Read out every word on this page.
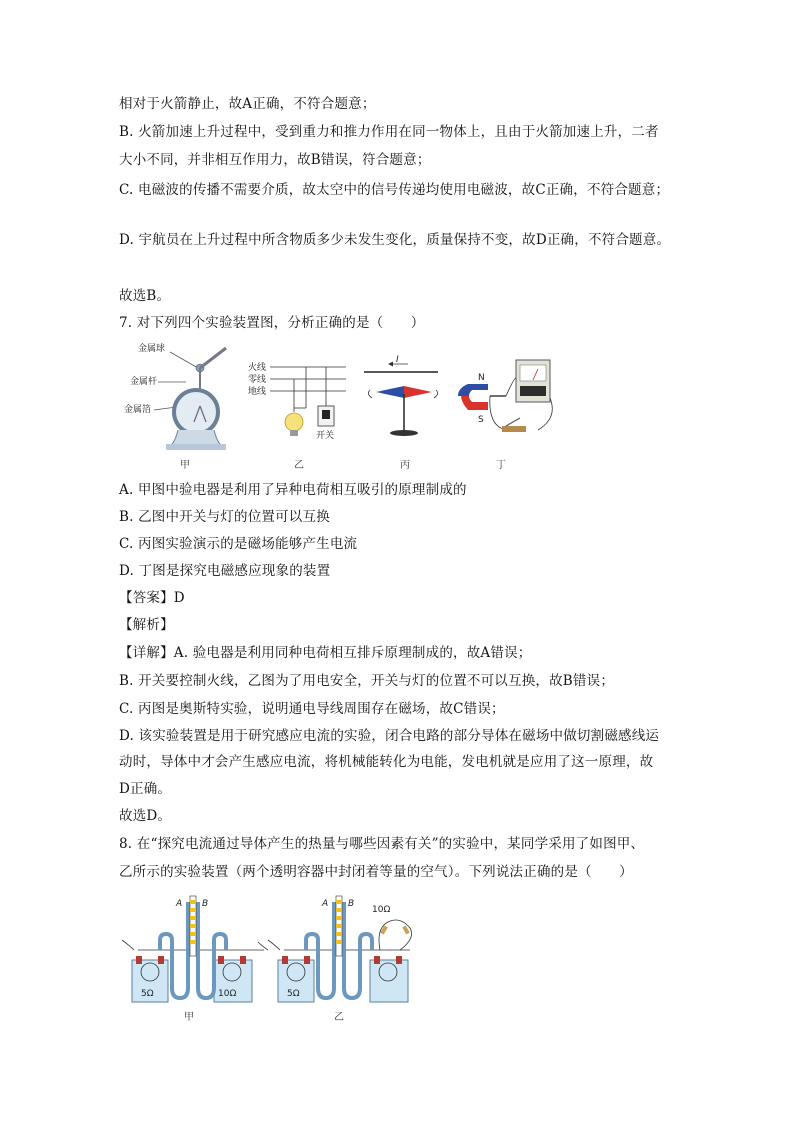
相对于火箭静止，故A正确，不符合题意；
B. 火箭加速上升过程中，受到重力和推力作用在同一物体上，且由于火箭加速上升，二者
大小不同，并非相互作用力，故B错误，符合题意；
C. 电磁波的传播不需要介质，故太空中的信号传递均使用电磁波，故C正确，不符合题意；
D. 宇航员在上升过程中所含物质多少未发生变化，质量保持不变，故D正确，不符合题意。
故选B。
7. 对下列四个实验装置图，分析正确的是（　　）
金属球
金属杆
金属箔
火线
零线
地线
开关
I
N
S
甲	乙	丙	丁
A. 甲图中验电器是利用了异种电荷相互吸引的原理制成的
B. 乙图中开关与灯的位置可以互换
C. 丙图实验演示的是磁场能够产生电流
D. 丁图是探究电磁感应现象的装置
【答案】D
【解析】
【详解】A. 验电器是利用同种电荷相互排斥原理制成的，故A错误；
B. 开关要控制火线，乙图为了用电安全，开关与灯的位置不可以互换，故B错误；
C. 丙图是奥斯特实验，说明通电导线周围存在磁场，故C错误；
D. 该实验装置是用于研究感应电流的实验，闭合电路的部分导体在磁场中做切割磁感线运
动时，导体中才会产生感应电流，将机械能转化为电能，发电机就是应用了这一原理，故
D正确。
故选D。
8. 在“探究电流通过导体产生的热量与哪些因素有关”的实验中，某同学采用了如图甲、
乙所示的实验装置（两个透明容器中封闭着等量的空气）。下列说法正确的是（　　）
5Ω	10Ω
A B
5Ω
A B
10Ω
甲	乙
